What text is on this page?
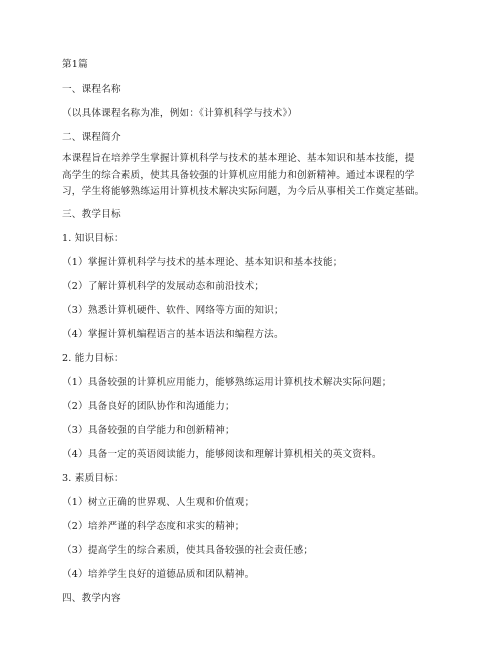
第1篇
一、课程名称
（以具体课程名称为准，例如：《计算机科学与技术》）
二、课程简介
本课程旨在培养学生掌握计算机科学与技术的基本理论、基本知识和基本技能，提
高学生的综合素质，使其具备较强的计算机应用能力和创新精神。通过本课程的学
习，学生将能够熟练运用计算机技术解决实际问题，为今后从事相关工作奠定基础。
三、教学目标
1. 知识目标：
（1）掌握计算机科学与技术的基本理论、基本知识和基本技能；
（2）了解计算机科学的发展动态和前沿技术；
（3）熟悉计算机硬件、软件、网络等方面的知识；
（4）掌握计算机编程语言的基本语法和编程方法。
2. 能力目标：
（1）具备较强的计算机应用能力，能够熟练运用计算机技术解决实际问题；
（2）具备良好的团队协作和沟通能力；
（3）具备较强的自学能力和创新精神；
（4）具备一定的英语阅读能力，能够阅读和理解计算机相关的英文资料。
3. 素质目标：
（1）树立正确的世界观、人生观和价值观；
（2）培养严谨的科学态度和求实的精神；
（3）提高学生的综合素质，使其具备较强的社会责任感；
（4）培养学生良好的道德品质和团队精神。
四、教学内容
